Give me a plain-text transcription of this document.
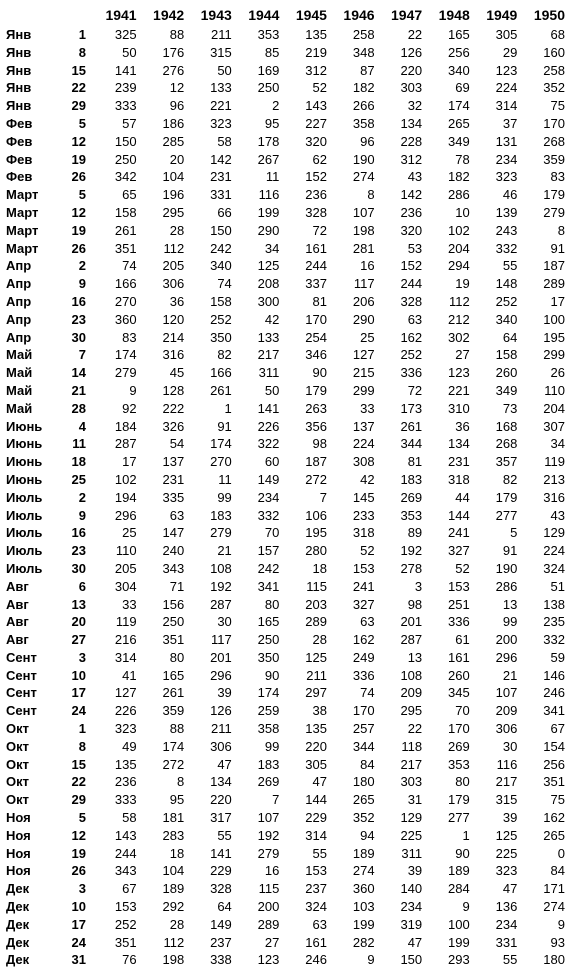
		1941	1942	1943	1944	1945	1946	1947	1948	1949	1950
Янв	1	325	88	211	353	135	258	22	165	305	68
Янв	8	50	176	315	85	219	348	126	256	29	160
Янв	15	141	276	50	169	312	87	220	340	123	258
Янв	22	239	12	133	250	52	182	303	69	224	352
Янв	29	333	96	221	2	143	266	32	174	314	75
Фев	5	57	186	323	95	227	358	134	265	37	170
Фев	12	150	285	58	178	320	96	228	349	131	268
Фев	19	250	20	142	267	62	190	312	78	234	359
Фев	26	342	104	231	11	152	274	43	182	323	83
Март	5	65	196	331	116	236	8	142	286	46	179
Март	12	158	295	66	199	328	107	236	10	139	279
Март	19	261	28	150	290	72	198	320	102	243	8
Март	26	351	112	242	34	161	281	53	204	332	91
Апр	2	74	205	340	125	244	16	152	294	55	187
Апр	9	166	306	74	208	337	117	244	19	148	289
Апр	16	270	36	158	300	81	206	328	112	252	17
Апр	23	360	120	252	42	170	290	63	212	340	100
Апр	30	83	214	350	133	254	25	162	302	64	195
Май	7	174	316	82	217	346	127	252	27	158	299
Май	14	279	45	166	311	90	215	336	123	260	26
Май	21	9	128	261	50	179	299	72	221	349	110
Май	28	92	222	1	141	263	33	173	310	73	204
Июнь	4	184	326	91	226	356	137	261	36	168	307
Июнь	11	287	54	174	322	98	224	344	134	268	34
Июнь	18	17	137	270	60	187	308	81	231	357	119
Июнь	25	102	231	11	149	272	42	183	318	82	213
Июль	2	194	335	99	234	7	145	269	44	179	316
Июль	9	296	63	183	332	106	233	353	144	277	43
Июль	16	25	147	279	70	195	318	89	241	5	129
Июль	23	110	240	21	157	280	52	192	327	91	224
Июль	30	205	343	108	242	18	153	278	52	190	324
Авг	6	304	71	192	341	115	241	3	153	286	51
Авг	13	33	156	287	80	203	327	98	251	13	138
Авг	20	119	250	30	165	289	63	201	336	99	235
Авг	27	216	351	117	250	28	162	287	61	200	332
Сент	3	314	80	201	350	125	249	13	161	296	59
Сент	10	41	165	296	90	211	336	108	260	21	146
Сент	17	127	261	39	174	297	74	209	345	107	246
Сент	24	226	359	126	259	38	170	295	70	209	341
Окт	1	323	88	211	358	135	257	22	170	306	67
Окт	8	49	174	306	99	220	344	118	269	30	154
Окт	15	135	272	47	183	305	84	217	353	116	256
Окт	22	236	8	134	269	47	180	303	80	217	351
Окт	29	333	95	220	7	144	265	31	179	315	75
Ноя	5	58	181	317	107	229	352	129	277	39	162
Ноя	12	143	283	55	192	314	94	225	1	125	265
Ноя	19	244	18	141	279	55	189	311	90	225	0
Ноя	26	343	104	229	16	153	274	39	189	323	84
Дек	3	67	189	328	115	237	360	140	284	47	171
Дек	10	153	292	64	200	324	103	234	9	136	274
Дек	17	252	28	149	289	63	199	319	100	234	9
Дек	24	351	112	237	27	161	282	47	199	331	93
Дек	31	76	198	338	123	246	9	150	293	55	180
